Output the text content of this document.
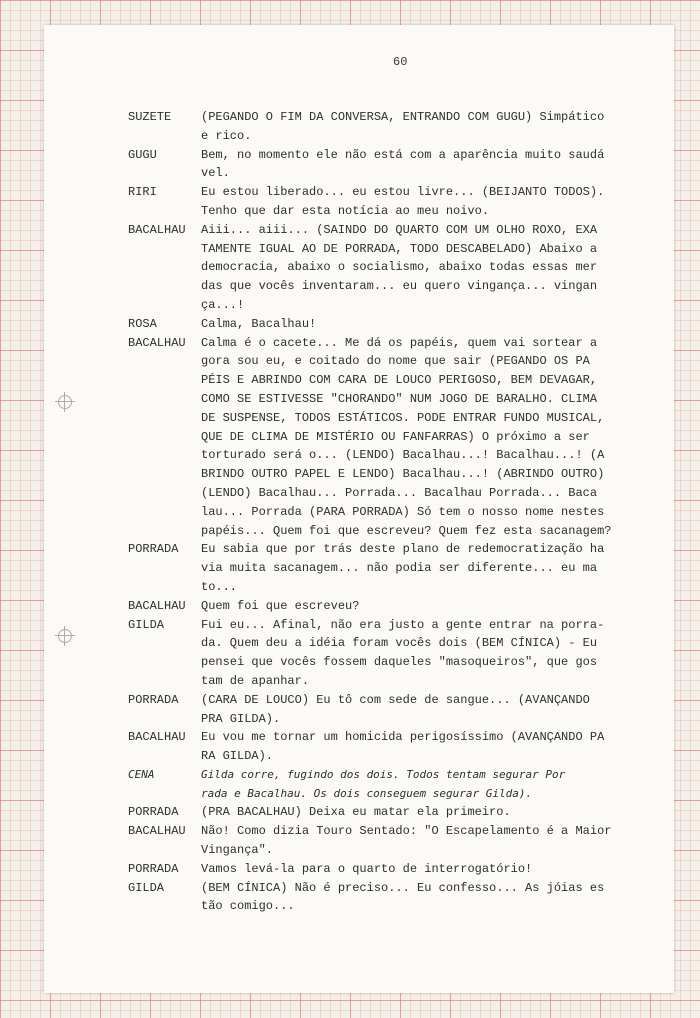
60
SUZETE	(PEGANDO O FIM DA CONVERSA, ENTRANDO COM GUGU) Simpático
e rico.
GUGU	Bem, no momento ele não está com a aparência muito saudá
vel.
RIRI	Eu estou liberado... eu estou livre... (BEIJANTO TODOS).
Tenho que dar esta notícia ao meu noivo.
BACALHAU	Aiii... aiii... (SAINDO DO QUARTO COM UM OLHO ROXO, EXA
TAMENTE IGUAL AO DE PORRADA, TODO DESCABELADO) Abaixo a
democracia, abaixo o socialismo, abaixo todas essas mer
das que vocês inventaram... eu quero vingança... vingan
ça...!
ROSA	Calma, Bacalhau!
BACALHAU	Calma é o cacete... Me dá os papéis, quem vai sortear a
gora sou eu, e coitado do nome que sair (PEGANDO OS PA
PÉIS E ABRINDO COM CARA DE LOUCO PERIGOSO, BEM DEVAGAR,
COMO SE ESTIVESSE "CHORANDO" NUM JOGO DE BARALHO. CLIMA
DE SUSPENSE, TODOS ESTÁTICOS. PODE ENTRAR FUNDO MUSICAL,
QUE DE CLIMA DE MISTÉRIO OU FANFARRAS) O próximo a ser
torturado será o... (LENDO) Bacalhau...! Bacalhau...! (A
BRINDO OUTRO PAPEL E LENDO) Bacalhau...! (ABRINDO OUTRO)
(LENDO) Bacalhau... Porrada... Bacalhau Porrada... Baca
lau... Porrada (PARA PORRADA) Só tem o nosso nome nestes
papéis... Quem foi que escreveu? Quem fez esta sacanagem?
PORRADA	Eu sabia que por trás deste plano de redemocratização ha
via muita sacanagem... não podia ser diferente... eu ma
to...
BACALHAU	Quem foi que escreveu?
GILDA	Fui eu... Afinal, não era justo a gente entrar na porra-
da. Quem deu a idéia foram vocês dois (BEM CÍNICA) - Eu
pensei que vocês fossem daqueles "masoqueiros", que gos
tam de apanhar.
PORRADA	(CARA DE LOUCO) Eu tô com sede de sangue... (AVANÇANDO
PRA GILDA).
BACALHAU	Eu vou me tornar um homicida perigosíssimo (AVANÇANDO PA
RA GILDA).
CENA	Gilda corre, fugindo dos dois. Todos tentam segurar Por
rada e Bacalhau. Os dois conseguem segurar Gilda).
PORRADA	(PRA BACALHAU) Deixa eu matar ela primeiro.
BACALHAU	Não! Como dizia Touro Sentado: "O Escapelamento é a Maior
Vingança".
PORRADA	Vamos levá-la para o quarto de interrogatório!
GILDA	(BEM CÍNICA) Não é preciso... Eu confesso... As jóias es
tão comigo...
